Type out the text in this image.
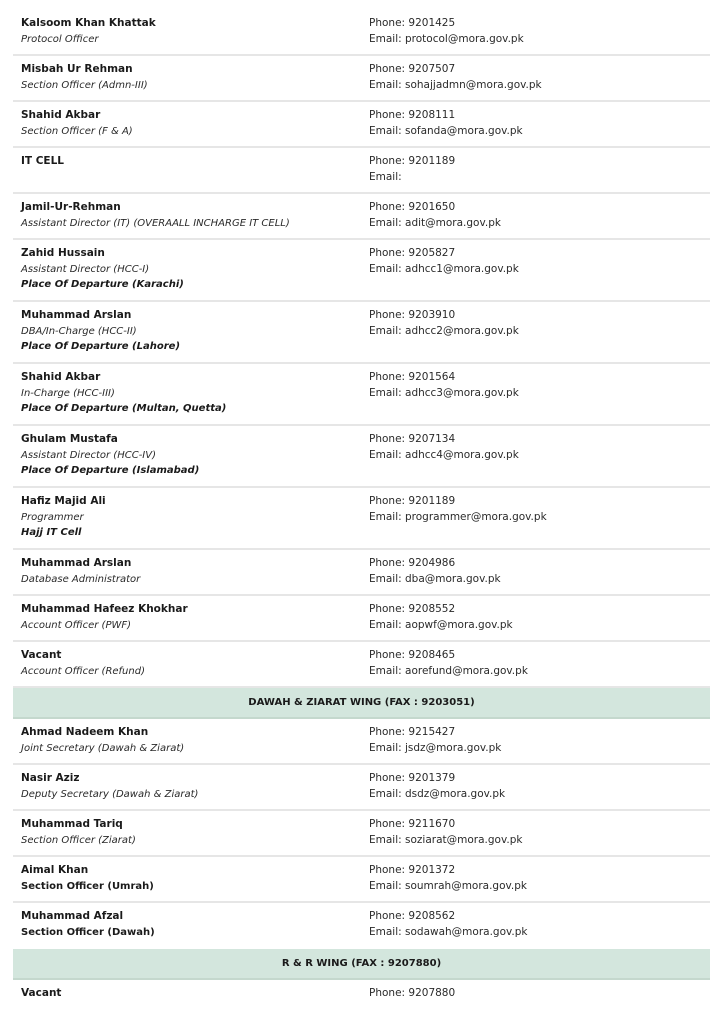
Kalsoom Khan Khattak
Protocol Officer
Phone: 9201425
Email: protocol@mora.gov.pk
Misbah Ur Rehman
Section Officer (Admn-III)
Phone: 9207507
Email: sohajjadmn@mora.gov.pk
Shahid Akbar
Section Officer (F & A)
Phone: 9208111
Email: sofanda@mora.gov.pk
IT CELL	Phone: 9201189
Email:
Jamil-Ur-Rehman
Assistant Director (IT) (OVERAALL INCHARGE IT CELL)
Phone: 9201650
Email: adit@mora.gov.pk
Zahid Hussain
Assistant Director (HCC-I)
Place Of Departure (Karachi)
Phone: 9205827
Email: adhcc1@mora.gov.pk
Muhammad Arslan
DBA/In-Charge (HCC-II)
Place Of Departure (Lahore)
Phone: 9203910
Email: adhcc2@mora.gov.pk
Shahid Akbar
In-Charge (HCC-III)
Place Of Departure (Multan, Quetta)
Phone: 9201564
Email: adhcc3@mora.gov.pk
Ghulam Mustafa
Assistant Director (HCC-IV)
Place Of Departure (Islamabad)
Phone: 9207134
Email: adhcc4@mora.gov.pk
Hafiz Majid Ali
Programmer
Hajj IT Cell
Phone: 9201189
Email: programmer@mora.gov.pk
Muhammad Arslan
Database Administrator
Phone: 9204986
Email: dba@mora.gov.pk
Muhammad Hafeez Khokhar
Account Officer (PWF)
Phone: 9208552
Email: aopwf@mora.gov.pk
Vacant
Account Officer (Refund)
Phone: 9208465
Email: aorefund@mora.gov.pk
DAWAH & ZIARAT WING (FAX : 9203051)
Ahmad Nadeem Khan
Joint Secretary (Dawah & Ziarat)
Phone: 9215427
Email: jsdz@mora.gov.pk
Nasir Aziz
Deputy Secretary (Dawah & Ziarat)
Phone: 9201379
Email: dsdz@mora.gov.pk
Muhammad Tariq
Section Officer (Ziarat)
Phone: 9211670
Email: soziarat@mora.gov.pk
Aimal Khan
Section Officer (Umrah)
Phone: 9201372
Email: soumrah@mora.gov.pk
Muhammad Afzal
Section Officer (Dawah)
Phone: 9208562
Email: sodawah@mora.gov.pk
R & R WING (FAX : 9207880)
Vacant	Phone: 9207880
